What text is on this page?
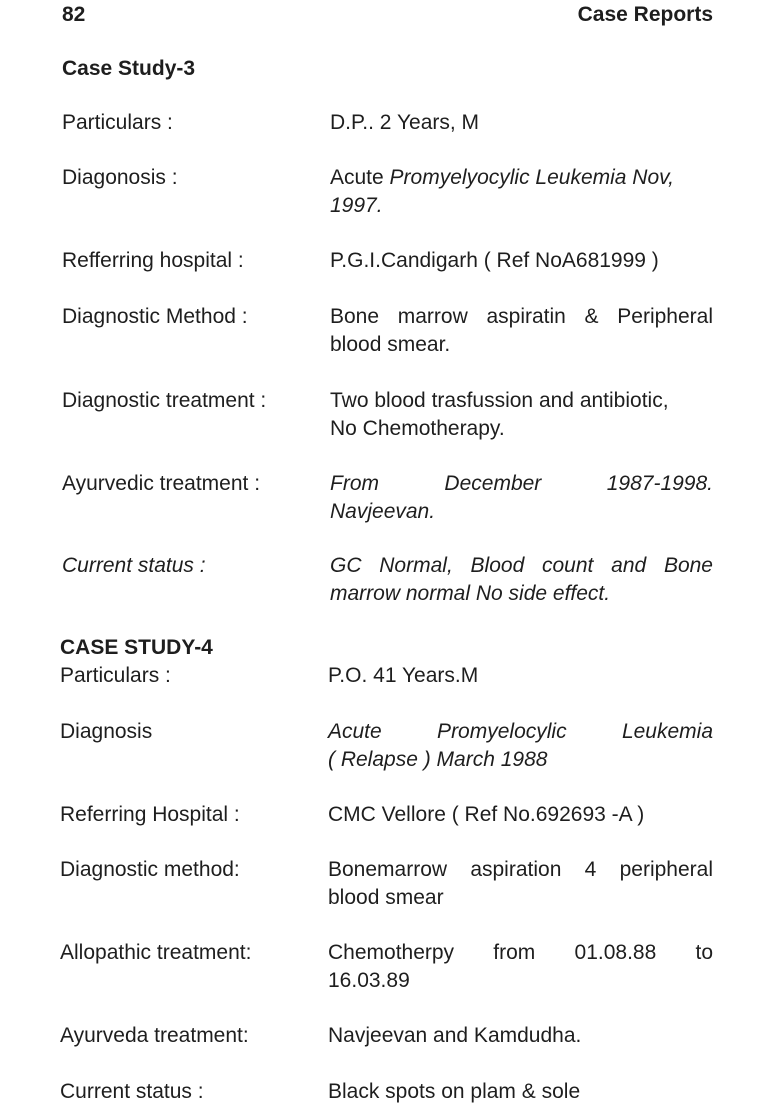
82	Case Reports
Case Study-3
Particulars :	D.P.. 2 Years, M
Diagonosis :	Acute Promyelyocylic Leukemia Nov,
1997.
Refferring hospital :	P.G.I.Candigarh ( Ref NoA681999 )
Diagnostic Method :	Bone marrow aspiratin & Peripheral
blood smear.
Diagnostic treatment :	Two blood trasfussion and antibiotic,
No Chemotherapy.
Ayurvedic treatment :	From December 1987-1998.
Navjeevan.
Current status :	GC Normal, Blood count and Bone
marrow normal No side effect.
CASE STUDY-4
Particulars :	P.O. 41 Years.M
Diagnosis	Acute Promyelocylic Leukemia
( Relapse ) March 1988
Referring Hospital :	CMC Vellore ( Ref No.692693 -A )
Diagnostic method:	Bonemarrow aspiration 4 peripheral
blood smear
Allopathic treatment:	Chemotherpy from 01.08.88 to
16.03.89
Ayurveda treatment:	Navjeevan and Kamdudha.
Current status :	Black spots on plam & sole
